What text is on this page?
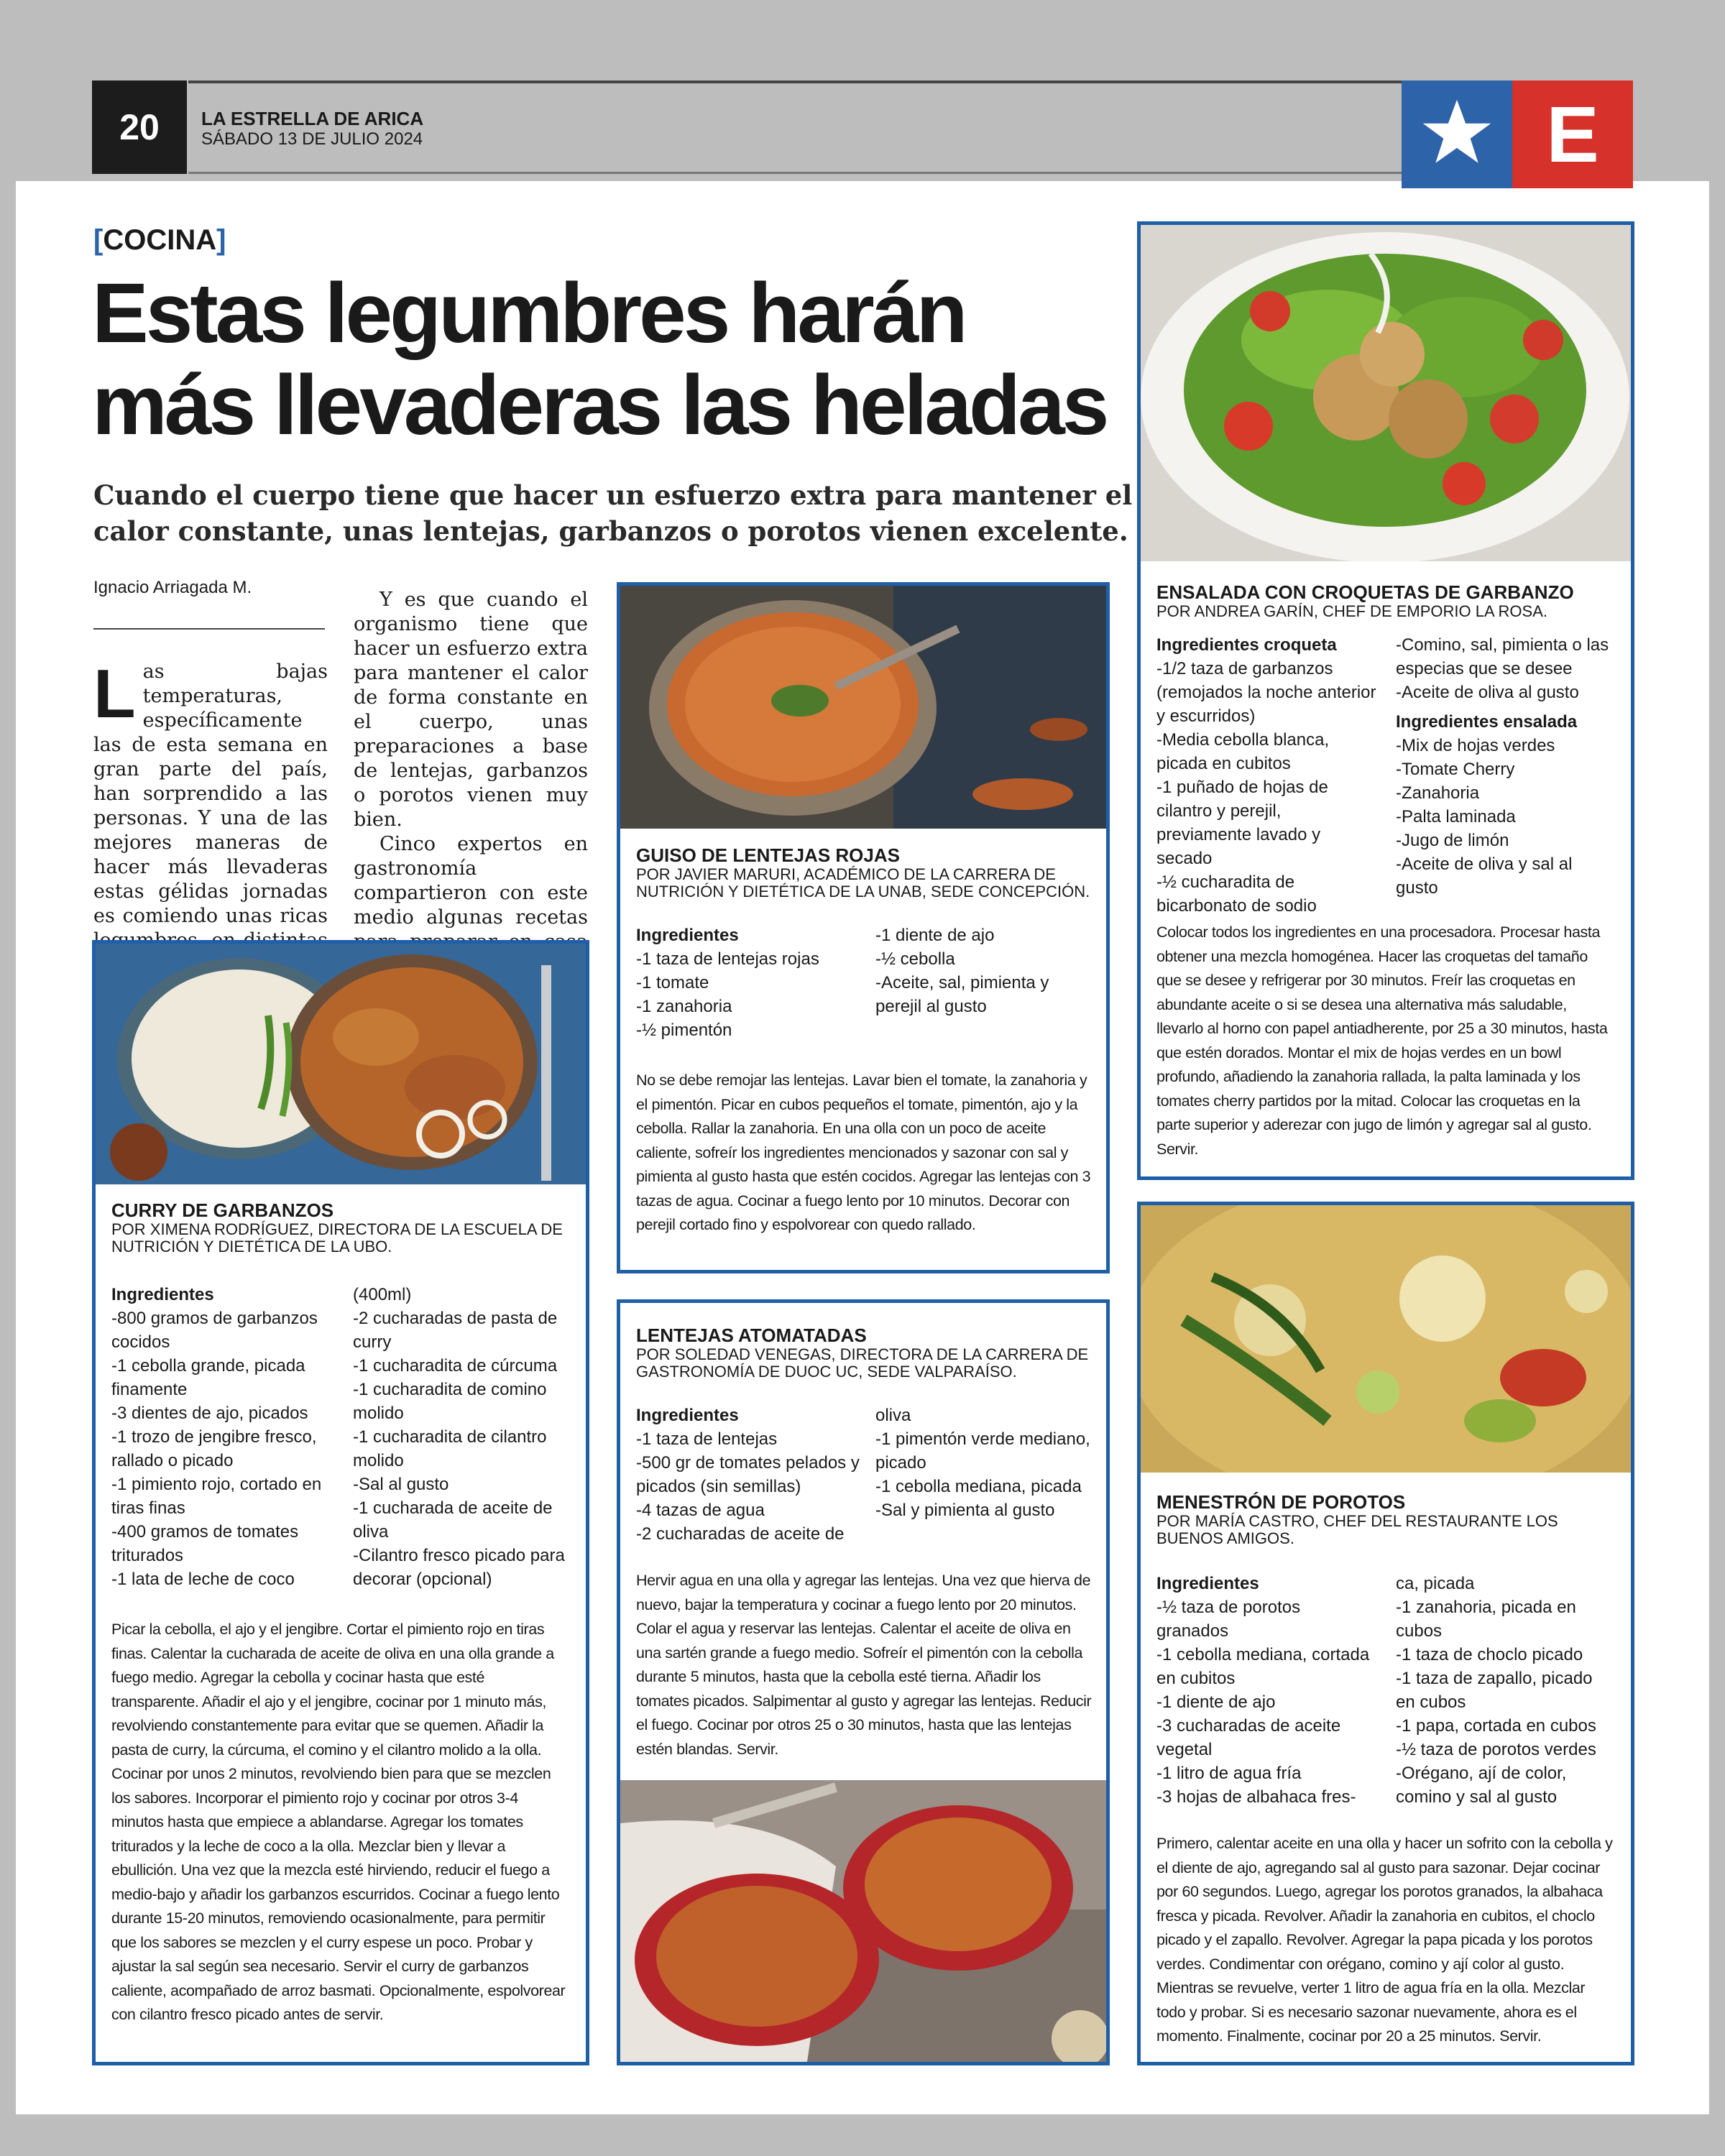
20	LA ESTRELLA DE ARICA
SÁBADO 13 DE JULIO 2024	E
[COCINA]
Estas legumbres harán
más llevaderas las heladas
Cuando el cuerpo tiene que hacer un esfuerzo extra para mantener el calor constante, unas lentejas, garbanzos o porotos vienen excelente.
Ignacio Arriagada M.
Las bajas temperaturas, específicamente las de esta semana en gran parte del país, han sorprendido a las personas. Y una de las mejores maneras de hacer más llevaderas estas gélidas jornadas es comiendo unas ricas
Y es que cuando el organismo tiene que hacer un esfuerzo extra para mantener el calor de forma constante en el cuerpo, unas preparaciones a base de lentejas, garbanzos o porotos vienen muy bien.
Cinco expertos en gastronomía compartieron con este medio algunas recetas
CURRY DE GARBANZOS
POR XIMENA RODRÍGUEZ, DIRECTORA DE LA ESCUELA DE NUTRICIÓN Y DIETÉTICA DE LA UBO.
Ingredientes
-800 gramos de garbanzos cocidos
-1 cebolla grande, picada finamente
-3 dientes de ajo, picados
-1 trozo de jengibre fresco, rallado o picado
-1 pimiento rojo, cortado en tiras finas
-400 gramos de tomates triturados
-1 lata de leche de coco
(400ml)
-2 cucharadas de pasta de curry
-1 cucharadita de cúrcuma
-1 cucharadita de comino molido
-1 cucharadita de cilantro molido
-Sal al gusto
-1 cucharada de aceite de oliva
-Cilantro fresco picado para decorar (opcional)
Picar la cebolla, el ajo y el jengibre. Cortar el pimiento rojo en tiras finas. Calentar la cucharada de aceite de oliva en una olla grande a fuego medio. Agregar la cebolla y cocinar hasta que esté transparente. Añadir el ajo y el jengibre, cocinar por 1 minuto más, revolviendo constantemente para evitar que se quemen. Añadir la pasta de curry, la cúrcuma, el comino y el cilantro molido a la olla. Cocinar por unos 2 minutos, revolviendo bien para que se mezclen los sabores. Incorporar el pimiento rojo y cocinar por otros 3-4 minutos hasta que empiece a ablandarse. Agregar los tomates triturados y la leche de coco a la olla. Mezclar bien y llevar a ebullición. Una vez que la mezcla esté hirviendo, reducir el fuego a medio-bajo y añadir los garbanzos escurridos. Cocinar a fuego lento durante 15-20 minutos, removiendo ocasionalmente, para permitir que los sabores se mezclen y el curry espese un poco. Probar y ajustar la sal según sea necesario. Servir el curry de garbanzos caliente, acompañado de arroz basmati. Opcionalmente, espolvorear con cilantro fresco picado antes de servir.
GUISO DE LENTEJAS ROJAS
POR JAVIER MARURI, ACADÉMICO DE LA CARRERA DE NUTRICIÓN Y DIETÉTICA DE LA UNAB, SEDE CONCEPCIÓN.
Ingredientes
-1 taza de lentejas rojas
-1 tomate
-1 zanahoria
-½ pimentón
-1 diente de ajo
-½ cebolla
-Aceite, sal, pimienta y perejil al gusto
No se debe remojar las lentejas. Lavar bien el tomate, la zanahoria y el pimentón. Picar en cubos pequeños el tomate, pimentón, ajo y la cebolla. Rallar la zanahoria. En una olla con un poco de aceite caliente, sofreír los ingredientes mencionados y sazonar con sal y pimienta al gusto hasta que estén cocidos. Agregar las lentejas con 3 tazas de agua. Cocinar a fuego lento por 10 minutos. Decorar con perejil cortado fino y espolvorear con quedo rallado.
LENTEJAS ATOMATADAS
POR SOLEDAD VENEGAS, DIRECTORA DE LA CARRERA DE GASTRONOMÍA DE DUOC UC, SEDE VALPARAÍSO.
Ingredientes
-1 taza de lentejas
-500 gr de tomates pelados y picados (sin semillas)
-4 tazas de agua
-2 cucharadas de aceite de
oliva
-1 pimentón verde mediano, picado
-1 cebolla mediana, picada
-Sal y pimienta al gusto
Hervir agua en una olla y agregar las lentejas. Una vez que hierva de nuevo, bajar la temperatura y cocinar a fuego lento por 20 minutos. Colar el agua y reservar las lentejas. Calentar el aceite de oliva en una sartén grande a fuego medio. Sofreír el pimentón con la cebolla durante 5 minutos, hasta que la cebolla esté tierna. Añadir los tomates picados. Salpimentar al gusto y agregar las lentejas. Reducir el fuego. Cocinar por otros 25 o 30 minutos, hasta que las lentejas estén blandas. Servir.
ENSALADA CON CROQUETAS DE GARBANZO
POR ANDREA GARÍN, CHEF DE EMPORIO LA ROSA.
Ingredientes croqueta
-1/2 taza de garbanzos (remojados la noche anterior y escurridos)
-Media cebolla blanca, picada en cubitos
-1 puñado de hojas de cilantro y perejil, previamente lavado y secado
-½ cucharadita de bicarbonato de sodio
-Comino, sal, pimienta o las especias que se desee
-Aceite de oliva al gusto
Ingredientes ensalada
-Mix de hojas verdes
-Tomate Cherry
-Zanahoria
-Palta laminada
-Jugo de limón
-Aceite de oliva y sal al gusto
Colocar todos los ingredientes en una procesadora. Procesar hasta obtener una mezcla homogénea. Hacer las croquetas del tamaño que se desee y refrigerar por 30 minutos. Freír las croquetas en abundante aceite o si se desea una alternativa más saludable, llevarlo al horno con papel antiadherente, por 25 a 30 minutos, hasta que estén dorados. Montar el mix de hojas verdes en un bowl profundo, añadiendo la zanahoria rallada, la palta laminada y los tomates cherry partidos por la mitad. Colocar las croquetas en la parte superior y aderezar con jugo de limón y agregar sal al gusto. Servir.
MENESTRÓN DE POROTOS
POR MARÍA CASTRO, CHEF DEL RESTAURANTE LOS BUENOS AMIGOS.
Ingredientes
-½ taza de porotos granados
-1 cebolla mediana, cortada en cubitos
-1 diente de ajo
-3 cucharadas de aceite vegetal
-1 litro de agua fría
-3 hojas de albahaca fres-
ca, picada
-1 zanahoria, picada en cubos
-1 taza de choclo picado
-1 taza de zapallo, picado en cubos
-1 papa, cortada en cubos
-½ taza de porotos verdes
-Orégano, ají de color, comino y sal al gusto
Primero, calentar aceite en una olla y hacer un sofrito con la cebolla y el diente de ajo, agregando sal al gusto para sazonar. Dejar cocinar por 60 segundos. Luego, agregar los porotos granados, la albahaca fresca y picada. Revolver. Añadir la zanahoria en cubitos, el choclo picado y el zapallo. Revolver. Agregar la papa picada y los porotos verdes. Condimentar con orégano, comino y ají color al gusto. Mientras se revuelve, verter 1 litro de agua fría en la olla. Mezclar todo y probar. Si es necesario sazonar nuevamente, ahora es el momento. Finalmente, cocinar por 20 a 25 minutos. Servir.
